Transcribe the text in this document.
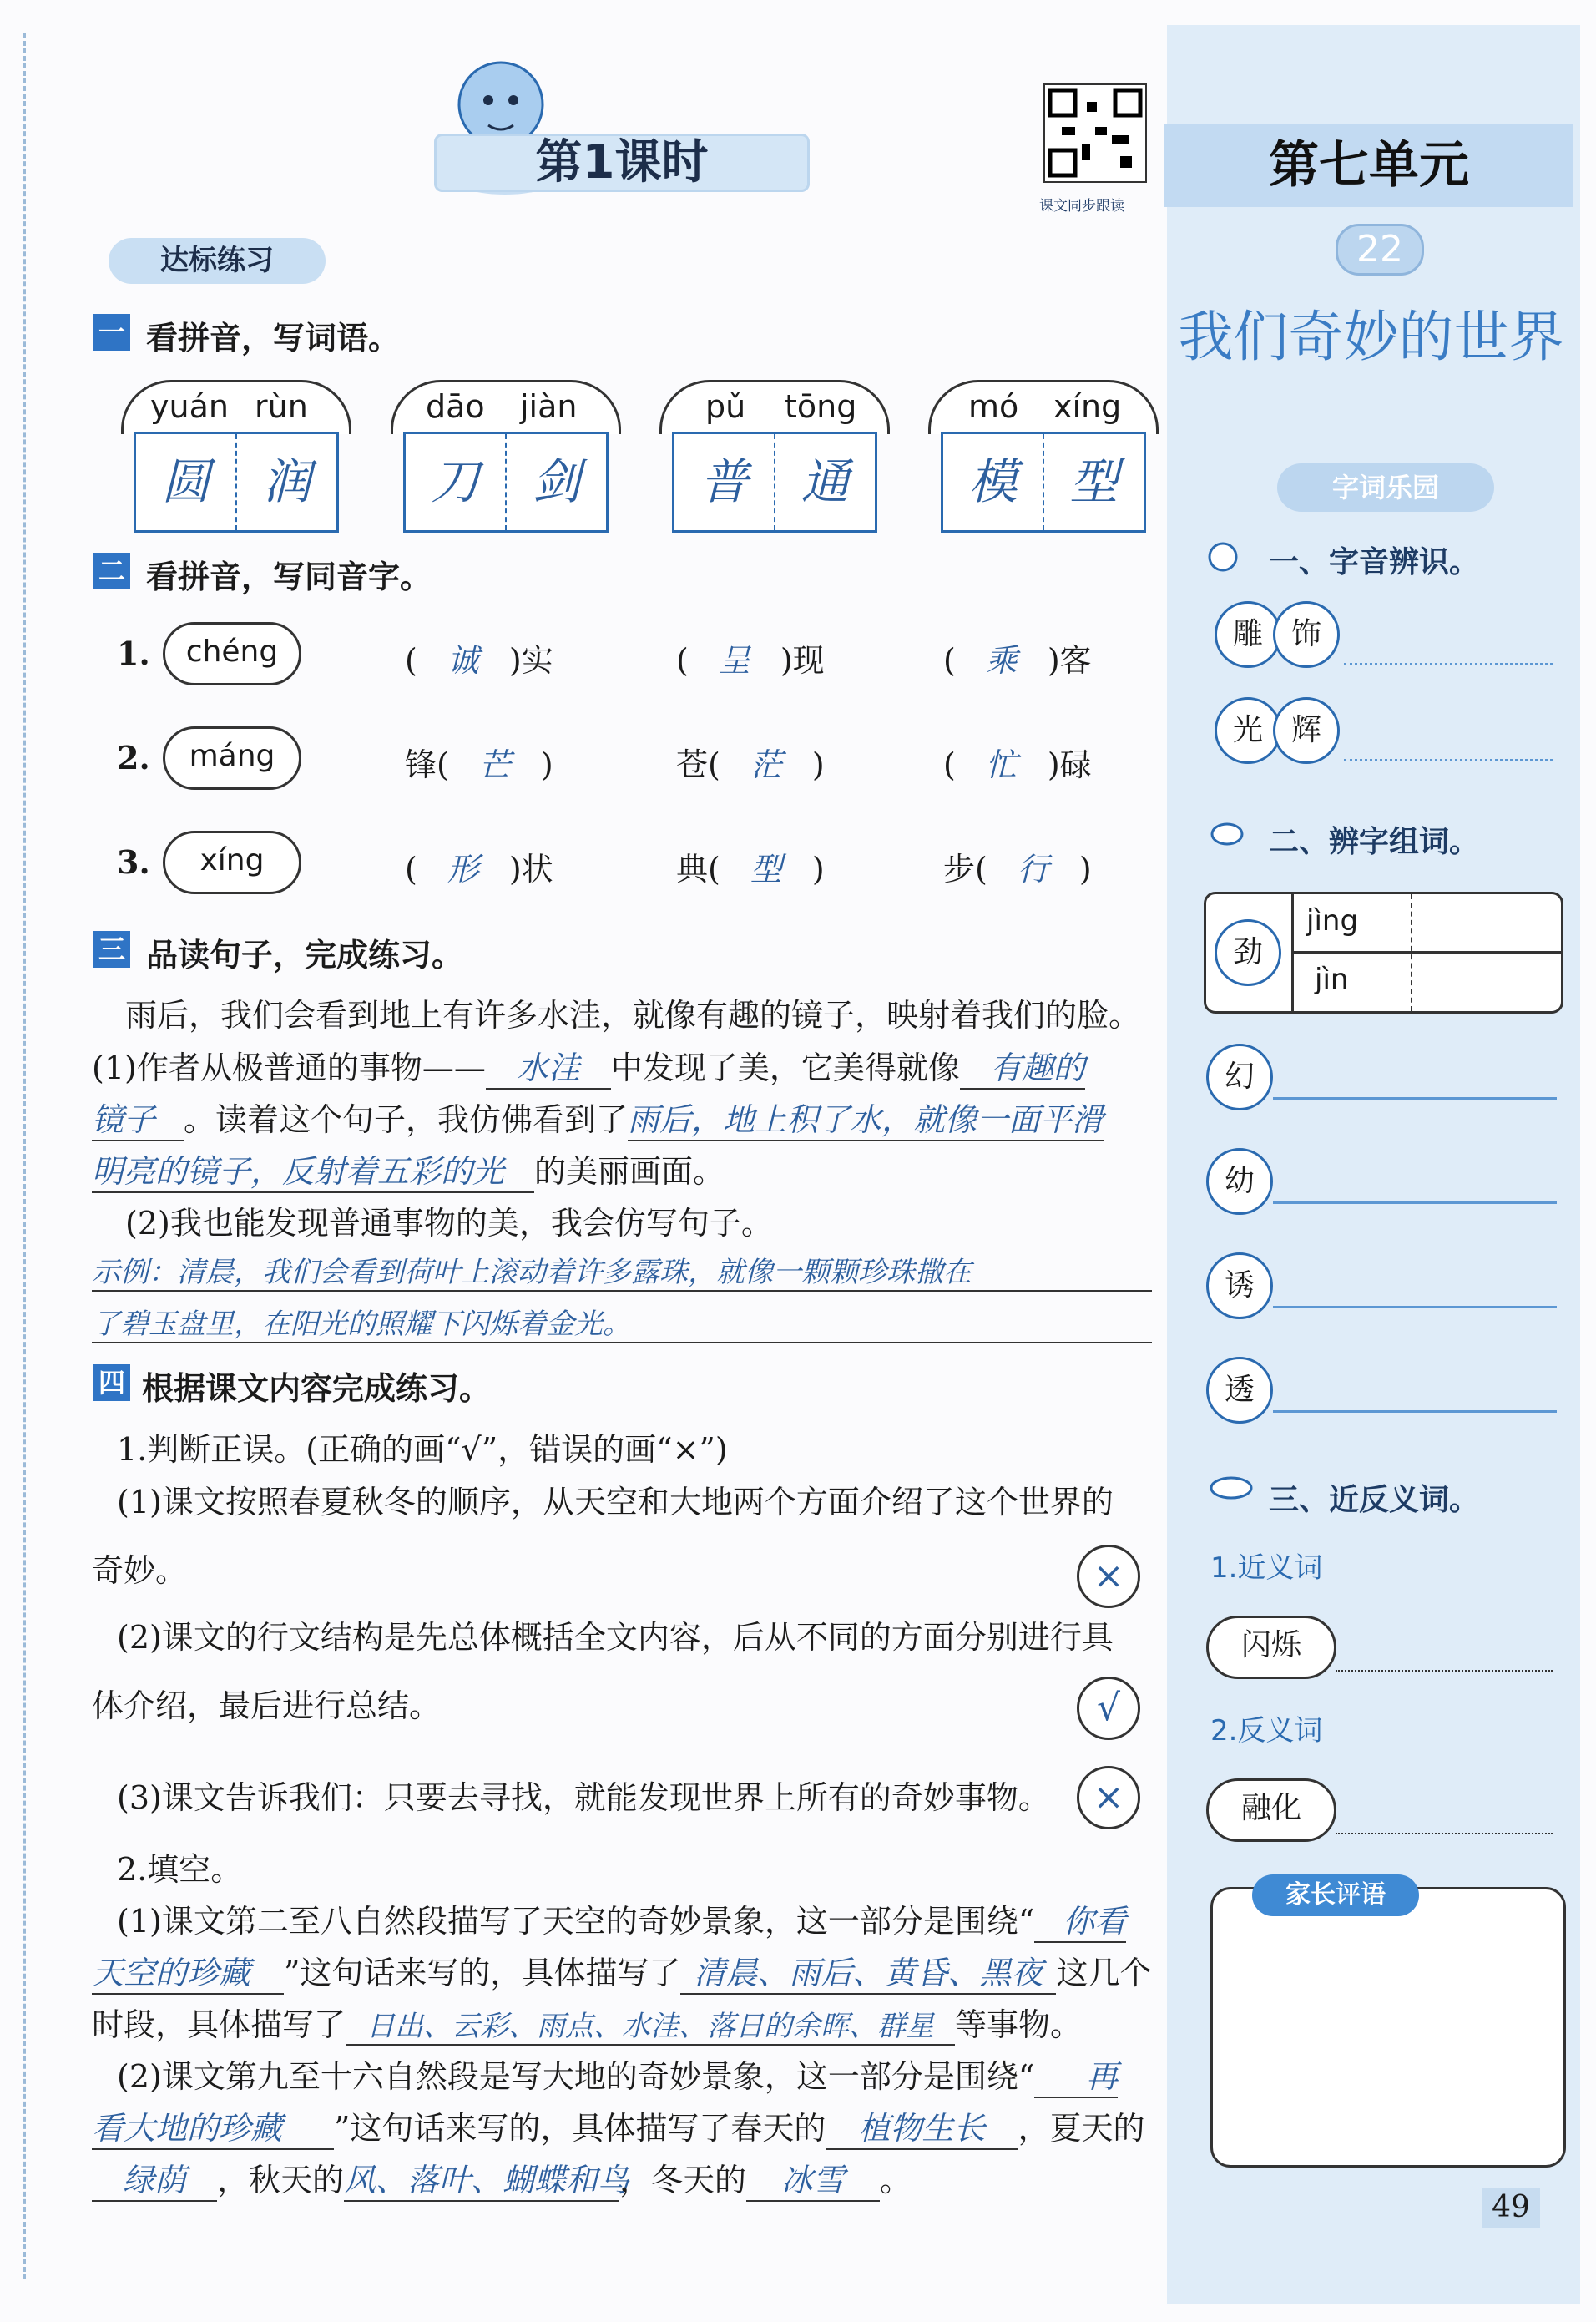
第1课时
课文同步跟读
第七单元
22
我们奇妙的世界
字词乐园
一、字音辨识。
雕 饰
光 辉
二、辨字组词。
劲
jìng
jìn
幻
幼
诱
透
三、近反义词。
1.近义词
闪烁
2.反义词
融化
家长评语
49
达标练习
一 看拼音，写词语。
yuán rùn
圆	润
dāo jiàn
刀	剑
pǔ tōng
普	通
mó xíng
模	型
二 看拼音，写同音字。
1.	chéng	( 诚 )实	( 呈 )现	( 乘 )客
2.	máng	锋( 芒 )	苍( 茫 )	( 忙 )碌
3.	xíng	( 形 )状	典( 型 )	步( 行 )
三 品读句子，完成练习。
雨后，我们会看到地上有许多水洼，就像有趣的镜子，映射着我们的脸。
(1)作者从极普通的事物—— 水洼 中发现了美，它美得就像 有趣的
镜子 。读着这个句子，我仿佛看到了雨后，地上积了水，就像一面平滑
明亮的镜子，反射着五彩的光 的美丽画面。
(2)我也能发现普通事物的美，我会仿写句子。
示例：清晨，我们会看到荷叶上滚动着许多露珠，就像一颗颗珍珠撒在
了碧玉盘里，在阳光的照耀下闪烁着金光。
四 根据课文内容完成练习。
1.判断正误。(正确的画“√”，错误的画“×”)
(1)课文按照春夏秋冬的顺序，从天空和大地两个方面介绍了这个世界的
奇妙。	×
(2)课文的行文结构是先总体概括全文内容，后从不同的方面分别进行具
体介绍，最后进行总结。	√
(3)课文告诉我们：只要去寻找，就能发现世界上所有的奇妙事物。	×
2.填空。
(1)课文第二至八自然段描写了天空的奇妙景象，这一部分是围绕“ 你看
天空的珍藏 ”这句话来写的，具体描写了 清晨、雨后、黄昏、黑夜 这几个
时段，具体描写了 日出、云彩、雨点、水洼、落日的余晖、群星 等事物。
(2)课文第九至十六自然段是写大地的奇妙景象，这一部分是围绕“ 再
看大地的珍藏 ”这句话来写的，具体描写了春天的 植物生长 ，夏天的
绿荫 ，秋天的风、落叶、蝴蝶和鸟，冬天的 冰雪 。
